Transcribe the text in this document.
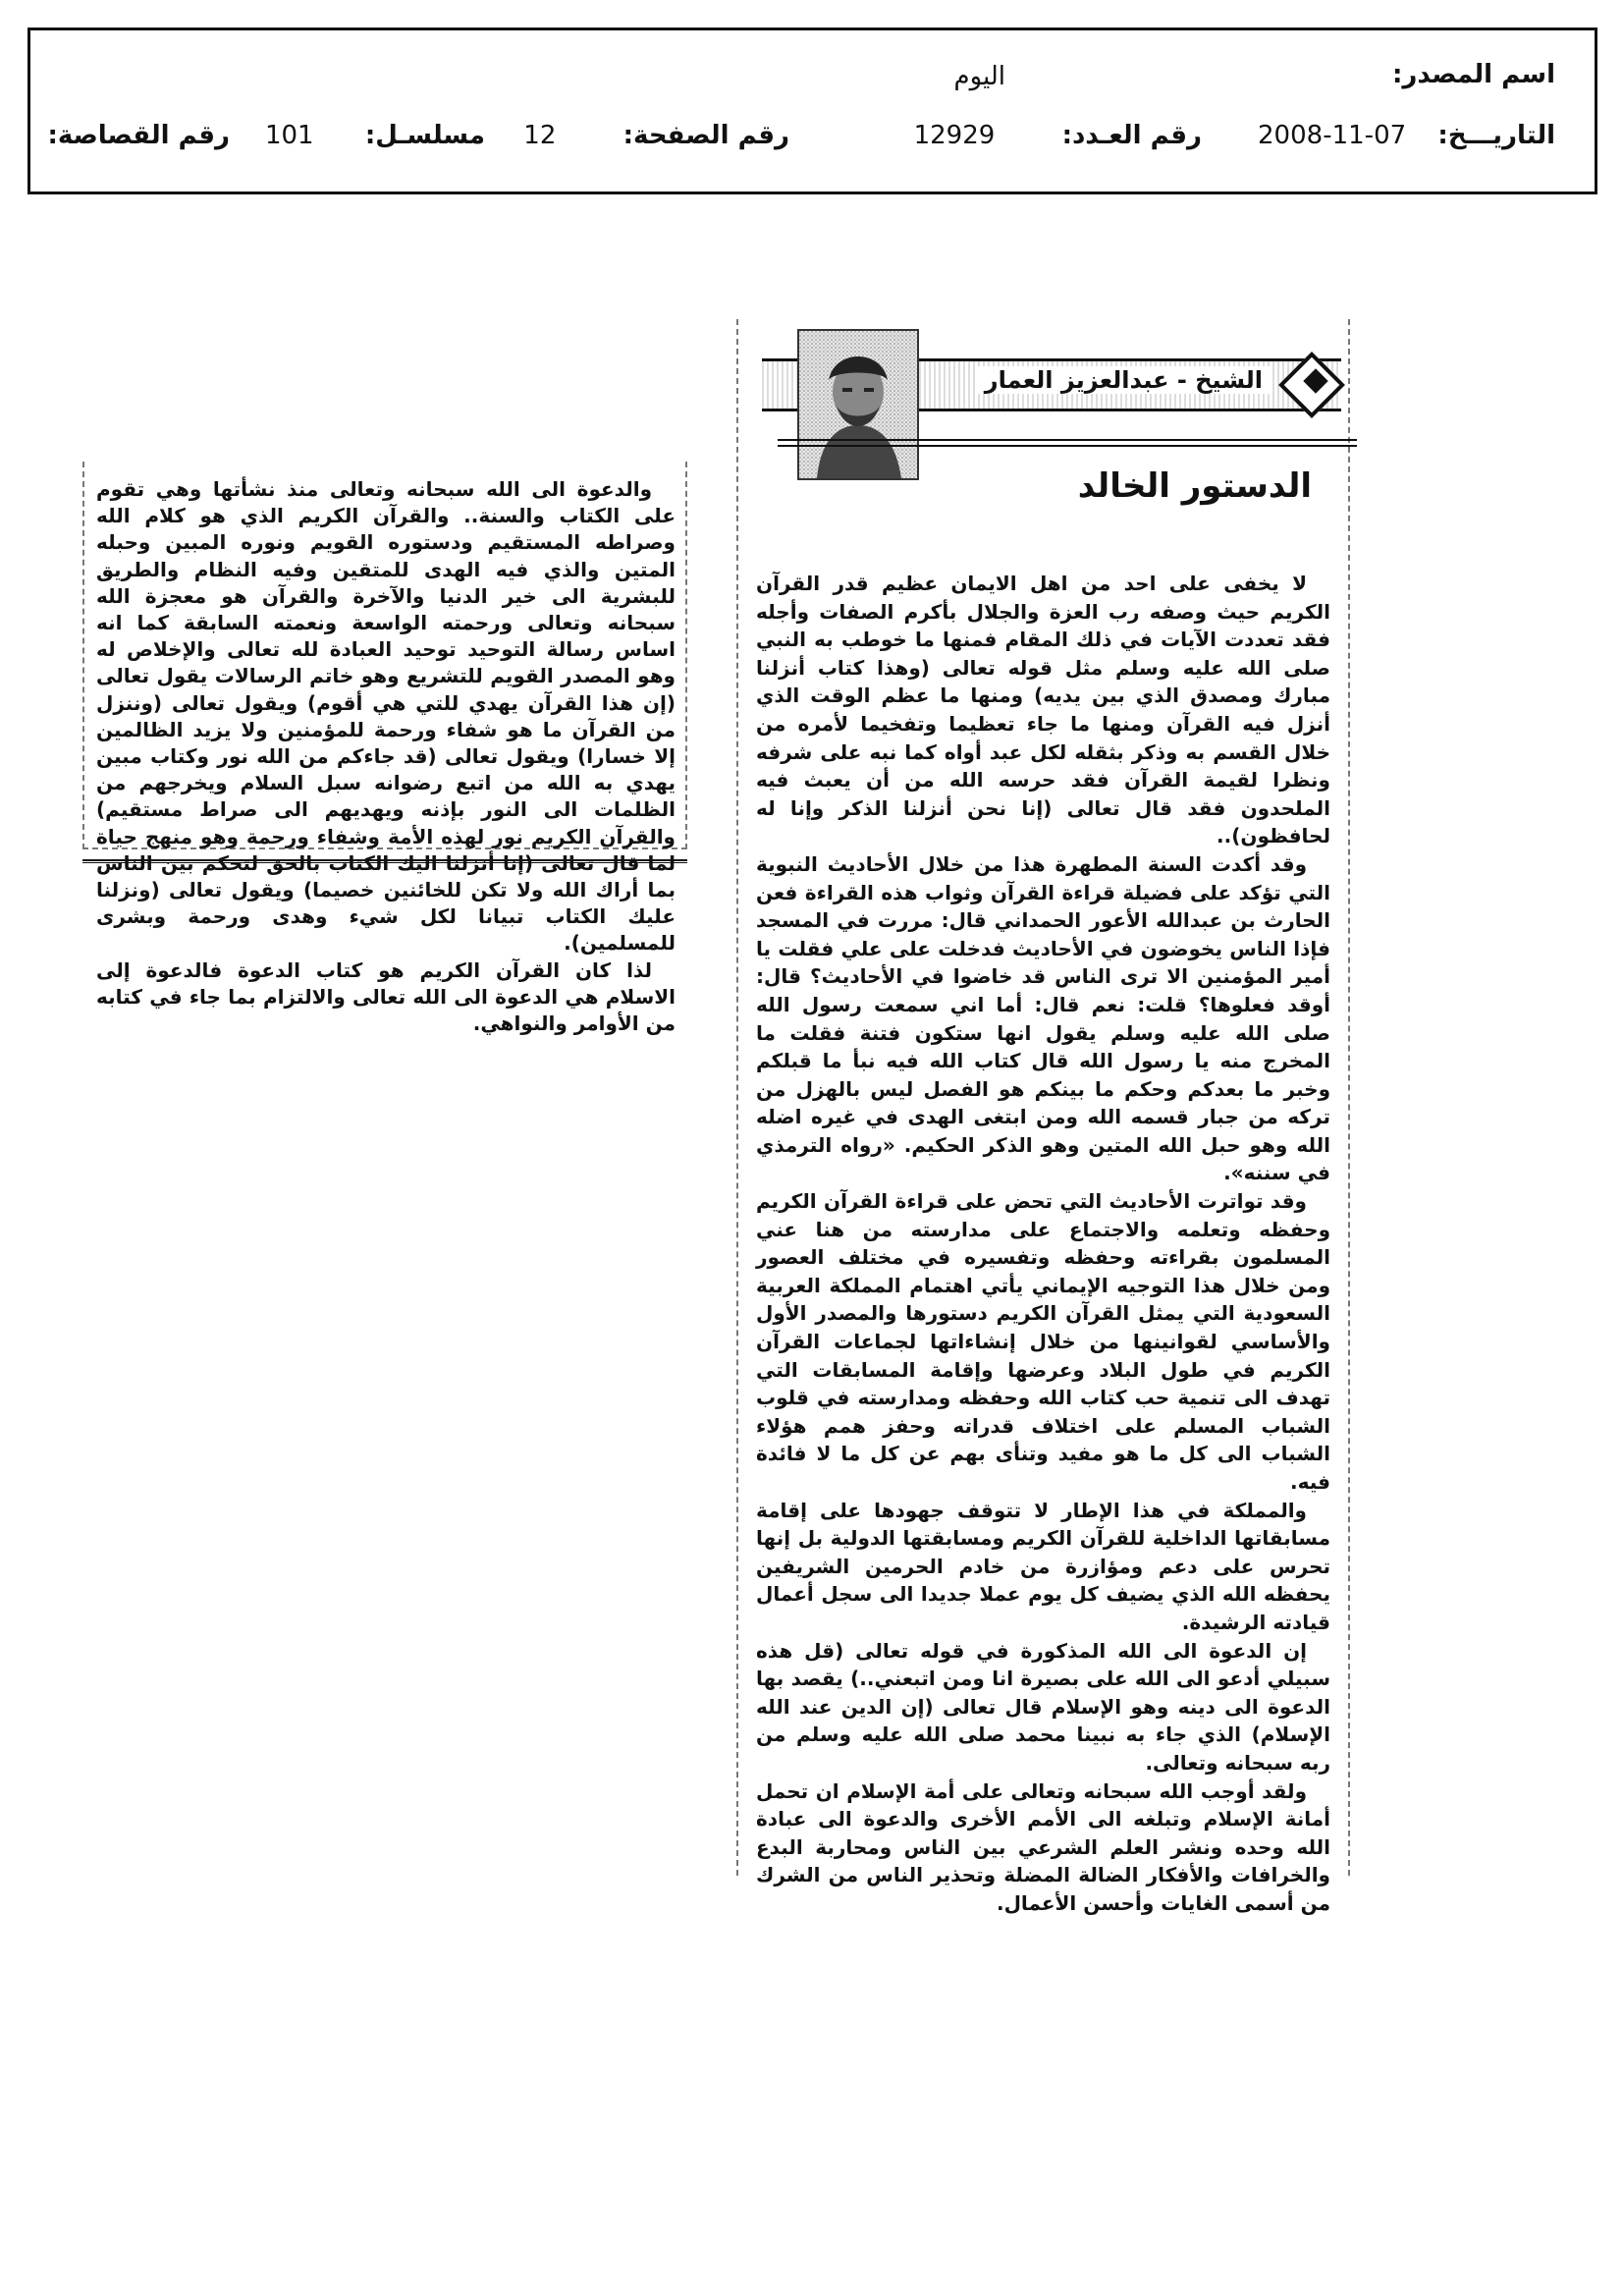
اسم المصدر:
اليوم
التاريـــخ: 07-11-2008
رقم العـدد: 12929
رقم الصفحة: 12
مسلسـل: 101
رقم القصاصة:
الشيخ - عبدالعزيز العمار
الدستور الخالد

لا يخفى على احد من اهل الايمان عظيم قدر القرآن الكريم حيث وصفه رب العزة والجلال بأكرم الصفات وأجله فقد تعددت الآيات في ذلك المقام فمنها ما خوطب به النبي صلى الله عليه وسلم مثل قوله تعالى (وهذا كتاب أنزلنا مبارك ومصدق الذي بين يديه) ومنها ما عظم الوقت الذي أنزل فيه القرآن ومنها ما جاء تعظيما وتفخيما لأمره من خلال القسم به وذكر بثقله لكل عبد أواه كما نبه على شرفه ونظرا لقيمة القرآن فقد حرسه الله من أن يعبث فيه الملحدون فقد قال تعالى (إنا نحن أنزلنا الذكر وإنا له لحافظون)..

وقد أكدت السنة المطهرة هذا من خلال الأحاديث النبوية التي تؤكد على فضيلة قراءة القرآن وثواب هذه القراءة فعن الحارث بن عبدالله الأعور الحمداني قال: مررت في المسجد فإذا الناس يخوضون في الأحاديث فدخلت على علي فقلت يا أمير المؤمنين الا ترى الناس قد خاضوا في الأحاديث؟ قال: أوقد فعلوها؟ قلت: نعم قال: أما اني سمعت رسول الله صلى الله عليه وسلم يقول انها ستكون فتنة فقلت ما المخرج منه يا رسول الله قال كتاب الله فيه نبأ ما قبلكم وخبر ما بعدكم وحكم ما بينكم هو الفصل ليس بالهزل من تركه من جبار قسمه الله ومن ابتغى الهدى في غيره اضله الله وهو حبل الله المتين وهو الذكر الحكيم. «رواه الترمذي في سننه».

وقد تواترت الأحاديث التي تحض على قراءة القرآن الكريم وحفظه وتعلمه والاجتماع على مدارسته من هنا عني المسلمون بقراءته وحفظه وتفسيره في مختلف العصور ومن خلال هذا التوجيه الإيماني يأتي اهتمام المملكة العربية السعودية التي يمثل القرآن الكريم دستورها والمصدر الأول والأساسي لقوانينها من خلال إنشاءاتها لجماعات القرآن الكريم في طول البلاد وعرضها وإقامة المسابقات التي تهدف الى تنمية حب كتاب الله وحفظه ومدارسته في قلوب الشباب المسلم على اختلاف قدراته وحفز همم هؤلاء الشباب الى كل ما هو مفيد وتنأى بهم عن كل ما لا فائدة فيه.

والمملكة في هذا الإطار لا تتوقف جهودها على إقامة مسابقاتها الداخلية للقرآن الكريم ومسابقتها الدولية بل إنها تحرس على دعم ومؤازرة من خادم الحرمين الشريفين يحفظه الله الذي يضيف كل يوم عملا جديدا الى سجل أعمال قيادته الرشيدة.

إن الدعوة الى الله المذكورة في قوله تعالى (قل هذه سبيلي أدعو الى الله على بصيرة انا ومن اتبعني..) يقصد بها الدعوة الى دينه وهو الإسلام قال تعالى (إن الدين عند الله الإسلام) الذي جاء به نبينا محمد صلى الله عليه وسلم من ربه سبحانه وتعالى.

ولقد أوجب الله سبحانه وتعالى على أمة الإسلام ان تحمل أمانة الإسلام وتبلغه الى الأمم الأخرى والدعوة الى عبادة الله وحده ونشر العلم الشرعي بين الناس ومحاربة البدع والخرافات والأفكار الضالة المضلة وتحذير الناس من الشرك من أسمى الغايات وأحسن الأعمال.

والدعوة الى الله سبحانه وتعالى منذ نشأتها وهي تقوم على الكتاب والسنة.. والقرآن الكريم الذي هو كلام الله وصراطه المستقيم ودستوره القويم ونوره المبين وحبله المتين والذي فيه الهدى للمتقين وفيه النظام والطريق للبشرية الى خير الدنيا والآخرة والقرآن هو معجزة الله سبحانه وتعالى ورحمته الواسعة ونعمته السابقة كما انه اساس رسالة التوحيد توحيد العبادة لله تعالى والإخلاص له وهو المصدر القويم للتشريع وهو خاتم الرسالات يقول تعالى (إن هذا القرآن يهدي للتي هي أقوم) ويقول تعالى (وننزل من القرآن ما هو شفاء ورحمة للمؤمنين ولا يزيد الظالمين إلا خسارا) ويقول تعالى (قد جاءكم من الله نور وكتاب مبين يهدي به الله من اتبع رضوانه سبل السلام ويخرجهم من الظلمات الى النور بإذنه ويهديهم الى صراط مستقيم) والقرآن الكريم نور لهذه الأمة وشفاء ورحمة وهو منهج حياة لما قال تعالى (إنا أنزلنا اليك الكتاب بالحق لتحكم بين الناس بما أراك الله ولا تكن للخائنين خصيما) ويقول تعالى (ونزلنا عليك الكتاب تبيانا لكل شيء وهدى ورحمة وبشرى للمسلمين).

لذا كان القرآن الكريم هو كتاب الدعوة فالدعوة إلى الاسلام هي الدعوة الى الله تعالى والالتزام بما جاء في كتابه من الأوامر والنواهي.
